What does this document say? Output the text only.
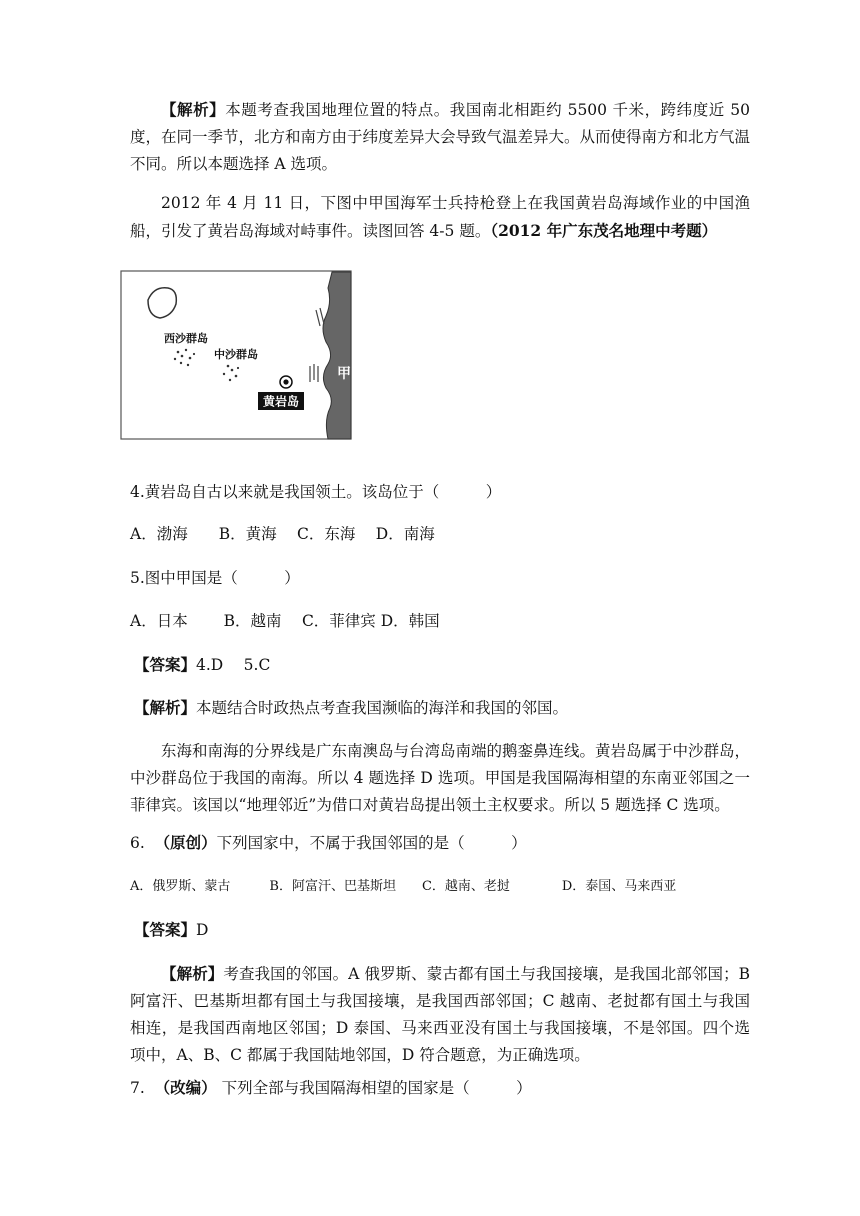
【解析】本题考查我国地理位置的特点。我国南北相距约 5500 千米，跨纬度近 50 度，在同一季节，北方和南方由于纬度差异大会导致气温差异大。从而使得南方和北方气温不同。所以本题选择 A 选项。

2012 年 4 月 11 日，下图中甲国海军士兵持枪登上在我国黄岩岛海域作业的中国渔船，引发了黄岩岛海域对峙事件。读图回答 4-5 题。（2012 年广东茂名地理中考题）

黄岩岛
西沙群岛
中沙群岛
甲

4.黄岩岛自古以来就是我国领土。该岛位于（　　　）

A．渤海　　B．黄海　 C．东海　 D．南海

5.图中甲国是（　　　）

A．日本　　 B．越南　 C．菲律宾 D．韩国

【答案】4.D　 5.C

【解析】本题结合时政热点考查我国濒临的海洋和我国的邻国。

东海和南海的分界线是广东南澳岛与台湾岛南端的鹅銮鼻连线。黄岩岛属于中沙群岛，中沙群岛位于我国的南海。所以 4 题选择 D 选项。甲国是我国隔海相望的东南亚邻国之一菲律宾。该国以“地理邻近”为借口对黄岩岛提出领土主权要求。所以 5 题选择 C 选项。

6. （原创）下列国家中，不属于我国邻国的是（　　　）

A．俄罗斯、蒙古　　　B．阿富汗、巴基斯坦　　C．越南、老挝　　　　D．泰国、马来西亚

【答案】D

【解析】考查我国的邻国。A 俄罗斯、蒙古都有国土与我国接壤，是我国北部邻国；B 阿富汗、巴基斯坦都有国土与我国接壤，是我国西部邻国；C 越南、老挝都有国土与我国相连，是我国西南地区邻国；D 泰国、马来西亚没有国土与我国接壤，不是邻国。四个选项中，A、B、C 都属于我国陆地邻国，D 符合题意，为正确选项。

7. （改编） 下列全部与我国隔海相望的国家是（　　　）
